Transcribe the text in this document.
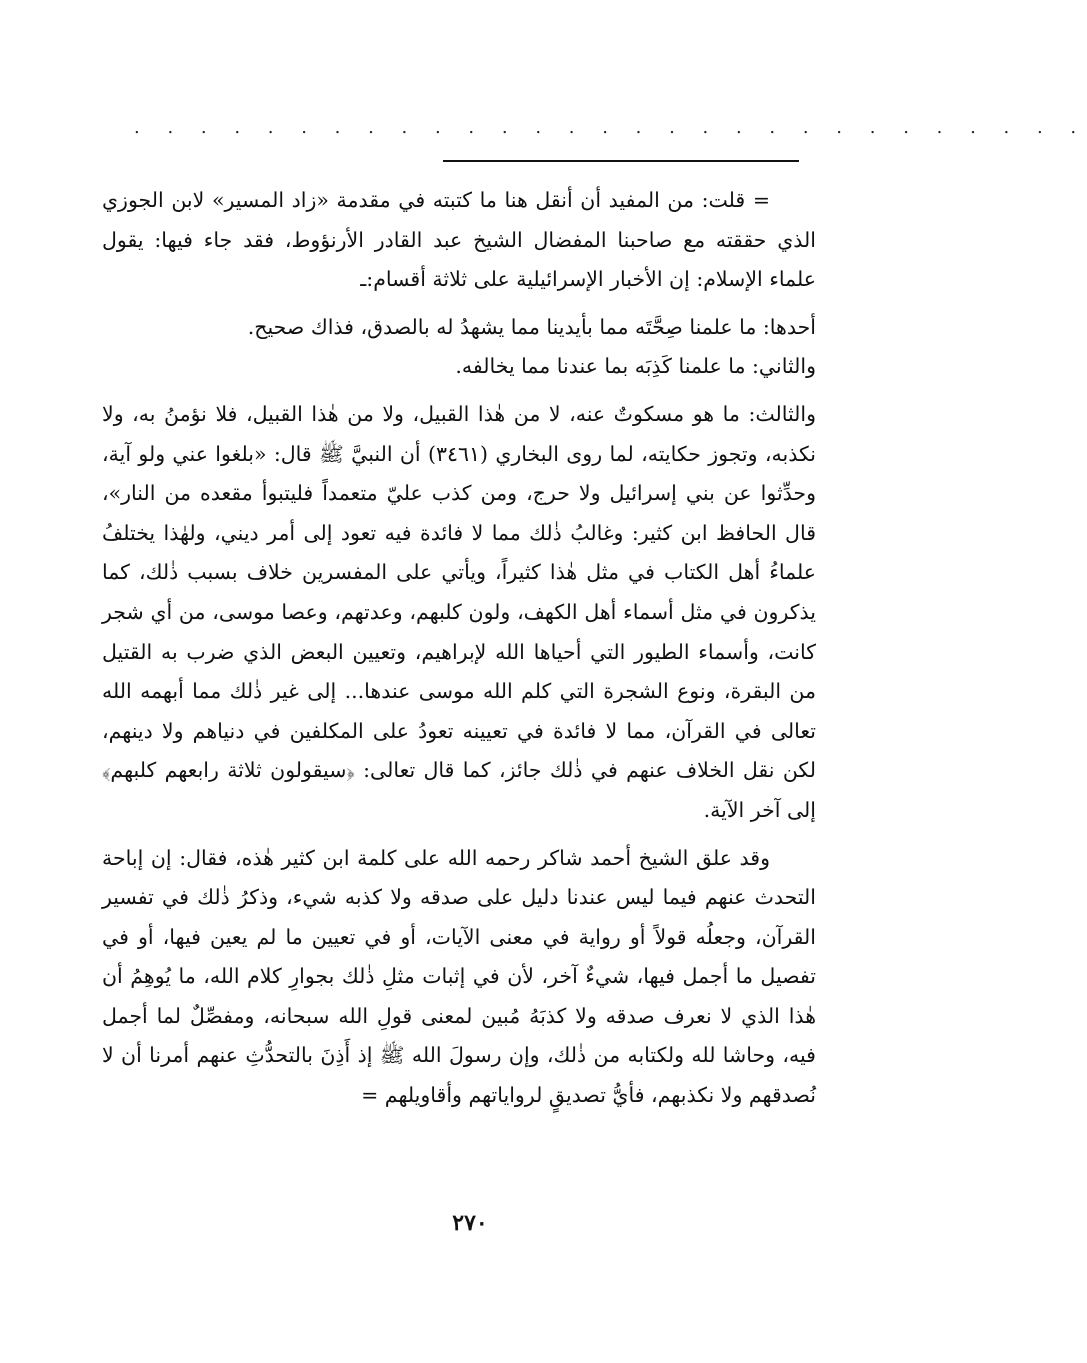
. . . . . . . . . . . . . . . . . . . . . . . . . . . . .

= قلت: من المفيد أن أنقل هنا ما كتبته في مقدمة «زاد المسير» لابن الجوزي الذي حققته مع صاحبنا المفضال الشيخ عبد القادر الأرنؤوط، فقد جاء فيها: يقول علماء الإسلام: إن الأخبار الإسرائيلية على ثلاثة أقسام:ـ

أحدها: ما علمنا صِحَّتَه مما بأيدينا مما يشهدُ له بالصدق، فذاك صحيح.

والثاني: ما علمنا كَذِبَه بما عندنا مما يخالفه.

والثالث: ما هو مسكوتٌ عنه، لا من هٰذا القبيل، ولا من هٰذا القبيل، فلا نؤمنُ به، ولا نكذبه، وتجوز حكايته، لما روى البخاري (٣٤٦١) أن النبيَّ ﷺ قال: «بلغوا عني ولو آية، وحدِّثوا عن بني إسرائيل ولا حرج، ومن كذب عليّ متعمداً فليتبوأ مقعده من النار»، قال الحافظ ابن كثير: وغالبُ ذٰلك مما لا فائدة فيه تعود إلى أمر ديني، ولهٰذا يختلفُ علماءُ أهل الكتاب في مثل هٰذا كثيراً، ويأتي على المفسرين خلاف بسبب ذٰلك، كما يذكرون في مثل أسماء أهل الكهف، ولون كلبهم، وعدتهم، وعصا موسى، من أي شجر كانت، وأسماء الطيور التي أحياها الله لإبراهيم، وتعيين البعض الذي ضرب به القتيل من البقرة، ونوع الشجرة التي كلم الله موسى عندها... إلى غير ذٰلك مما أبهمه الله تعالى في القرآن، مما لا فائدة في تعيينه تعودُ على المكلفين في دنياهم ولا دينهم، لكن نقل الخلاف عنهم في ذٰلك جائز، كما قال تعالى: ﴿سيقولون ثلاثة رابعهم كلبهم﴾ إلى آخر الآية.

وقد علق الشيخ أحمد شاكر رحمه الله على كلمة ابن كثير هٰذه، فقال: إن إباحة التحدث عنهم فيما ليس عندنا دليل على صدقه ولا كذبه شيء، وذكرُ ذٰلك في تفسير القرآن، وجعلُه قولاً أو رواية في معنى الآيات، أو في تعيين ما لم يعين فيها، أو في تفصيل ما أجمل فيها، شيءٌ آخر، لأن في إثبات مثلِ ذٰلك بجوارِ كلام الله، ما يُوهِمُ أن هٰذا الذي لا نعرف صدقه ولا كذبَهُ مُبين لمعنى قولِ الله سبحانه، ومفصِّلٌ لما أجمل فيه، وحاشا لله ولكتابه من ذٰلك، وإن رسولَ الله ﷺ إذ أَذِنَ بالتحدُّثِ عنهم أمرنا أن لا نُصدقهم ولا نكذبهم، فأيُّ تصديقٍ لرواياتهم وأقاويلهم =

٢٧٠
